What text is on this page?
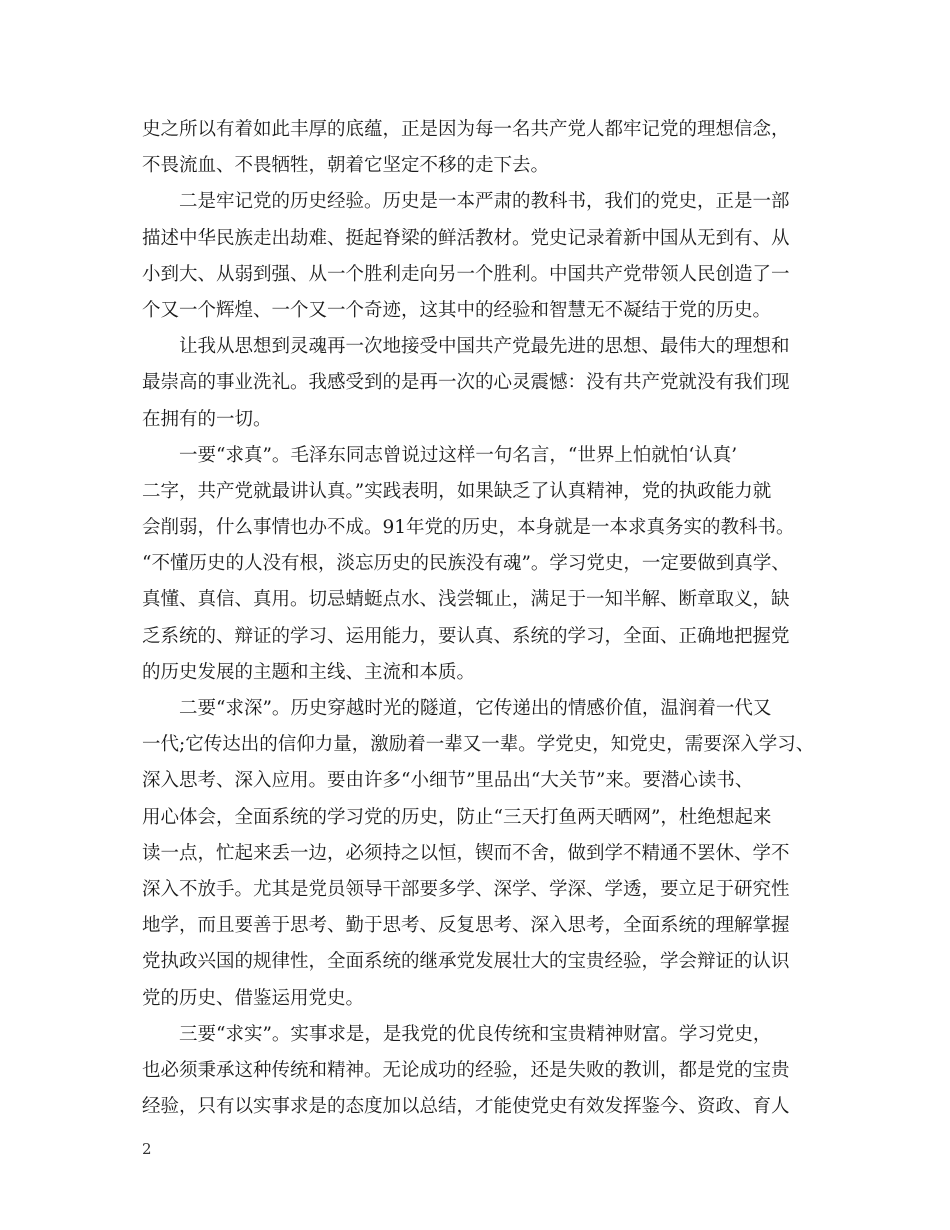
史之所以有着如此丰厚的底蕴，正是因为每一名共产党人都牢记党的理想信念，
不畏流血、不畏牺牲，朝着它坚定不移的走下去。
二是牢记党的历史经验。历史是一本严肃的教科书，我们的党史，正是一部
描述中华民族走出劫难、挺起脊梁的鲜活教材。党史记录着新中国从无到有、从
小到大、从弱到强、从一个胜利走向另一个胜利。中国共产党带领人民创造了一
个又一个辉煌、一个又一个奇迹，这其中的经验和智慧无不凝结于党的历史。
让我从思想到灵魂再一次地接受中国共产党最先进的思想、最伟大的理想和
最崇高的事业洗礼。我感受到的是再一次的心灵震憾：没有共产党就没有我们现
在拥有的一切。
一要“求真”。毛泽东同志曾说过这样一句名言，“世界上怕就怕‘认真’
二字，共产党就最讲认真。”实践表明，如果缺乏了认真精神，党的执政能力就
会削弱，什么事情也办不成。91年党的历史，本身就是一本求真务实的教科书。
“不懂历史的人没有根，淡忘历史的民族没有魂”。学习党史，一定要做到真学、
真懂、真信、真用。切忌蜻蜓点水、浅尝辄止，满足于一知半解、断章取义，缺
乏系统的、辩证的学习、运用能力，要认真、系统的学习，全面、正确地把握党
的历史发展的主题和主线、主流和本质。
二要“求深”。历史穿越时光的隧道，它传递出的情感价值，温润着一代又
一代;它传达出的信仰力量，激励着一辈又一辈。学党史，知党史，需要深入学习、
深入思考、深入应用。要由许多“小细节”里品出“大关节”来。要潜心读书、
用心体会，全面系统的学习党的历史，防止“三天打鱼两天晒网”，杜绝想起来
读一点，忙起来丢一边，必须持之以恒，锲而不舍，做到学不精通不罢休、学不
深入不放手。尤其是党员领导干部要多学、深学、学深、学透，要立足于研究性
地学，而且要善于思考、勤于思考、反复思考、深入思考，全面系统的理解掌握
党执政兴国的规律性，全面系统的继承党发展壮大的宝贵经验，学会辩证的认识
党的历史、借鉴运用党史。
三要“求实”。实事求是，是我党的优良传统和宝贵精神财富。学习党史，
也必须秉承这种传统和精神。无论成功的经验，还是失败的教训，都是党的宝贵
经验，只有以实事求是的态度加以总结，才能使党史有效发挥鉴今、资政、育人
2
